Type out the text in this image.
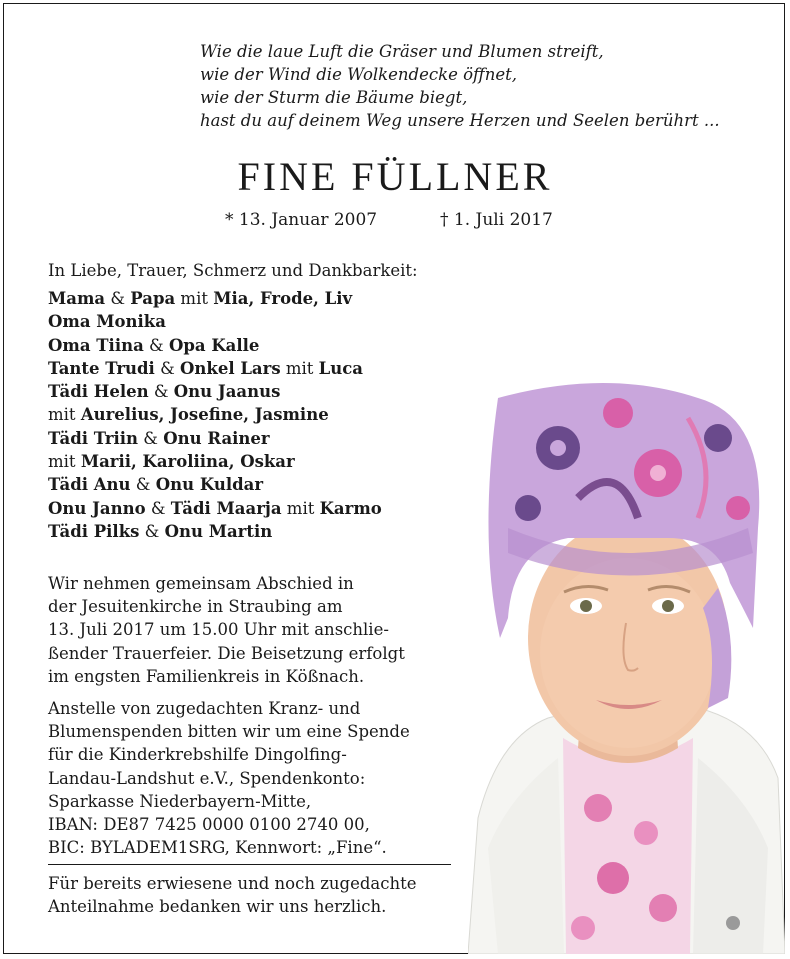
Wie die laue Luft die Gräser und Blumen streift,
wie der Wind die Wolkendecke öffnet,
wie der Sturm die Bäume biegt,
hast du auf deinem Weg unsere Herzen und Seelen berührt ...
FINE FÜLLNER
* 13. Januar 2007	† 1. Juli 2017
In Liebe, Trauer, Schmerz und Dankbarkeit:
Mama & Papa mit Mia, Frode, Liv
Oma Monika
Oma Tiina & Opa Kalle
Tante Trudi & Onkel Lars mit Luca
Tädi Helen & Onu Jaanus
mit Aurelius, Josefine, Jasmine
Tädi Triin & Onu Rainer
mit Marii, Karoliina, Oskar
Tädi Anu & Onu Kuldar
Onu Janno & Tädi Maarja mit Karmo
Tädi Pilks & Onu Martin
Wir nehmen gemeinsam Abschied in
der Jesuitenkirche in Straubing am
13. Juli 2017 um 15.00 Uhr mit anschlie-
ßender Trauerfeier. Die Beisetzung erfolgt
im engsten Familienkreis in Kößnach.
Anstelle von zugedachten Kranz- und
Blumenspenden bitten wir um eine Spende
für die Kinderkrebshilfe Dingolfing-
Landau-Landshut e.V., Spendenkonto:
Sparkasse Niederbayern-Mitte,
IBAN: DE87 7425 0000 0100 2740 00,
BIC: BYLADEM1SRG, Kennwort: „Fine“.
Für bereits erwiesene und noch zugedachte
Anteilnahme bedanken wir uns herzlich.
